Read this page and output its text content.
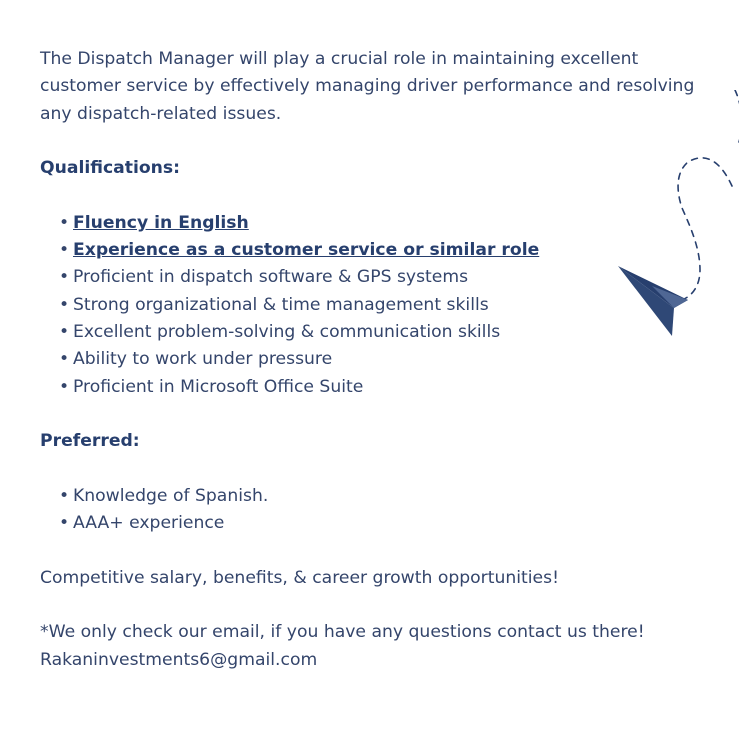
The Dispatch Manager will play a crucial role in maintaining excellent customer service by effectively managing driver performance and resolving any dispatch-related issues.

Qualifications:

• Fluency in English
• Experience as a customer service or similar role
• Proficient in dispatch software & GPS systems
• Strong organizational & time management skills
• Excellent problem-solving & communication skills
• Ability to work under pressure
• Proficient in Microsoft Office Suite

Preferred:

• Knowledge of Spanish.
• AAA+ experience

Competitive salary, benefits, & career growth opportunities!

*We only check our email, if you have any questions contact us there!

Rakaninvestments6@gmail.com
